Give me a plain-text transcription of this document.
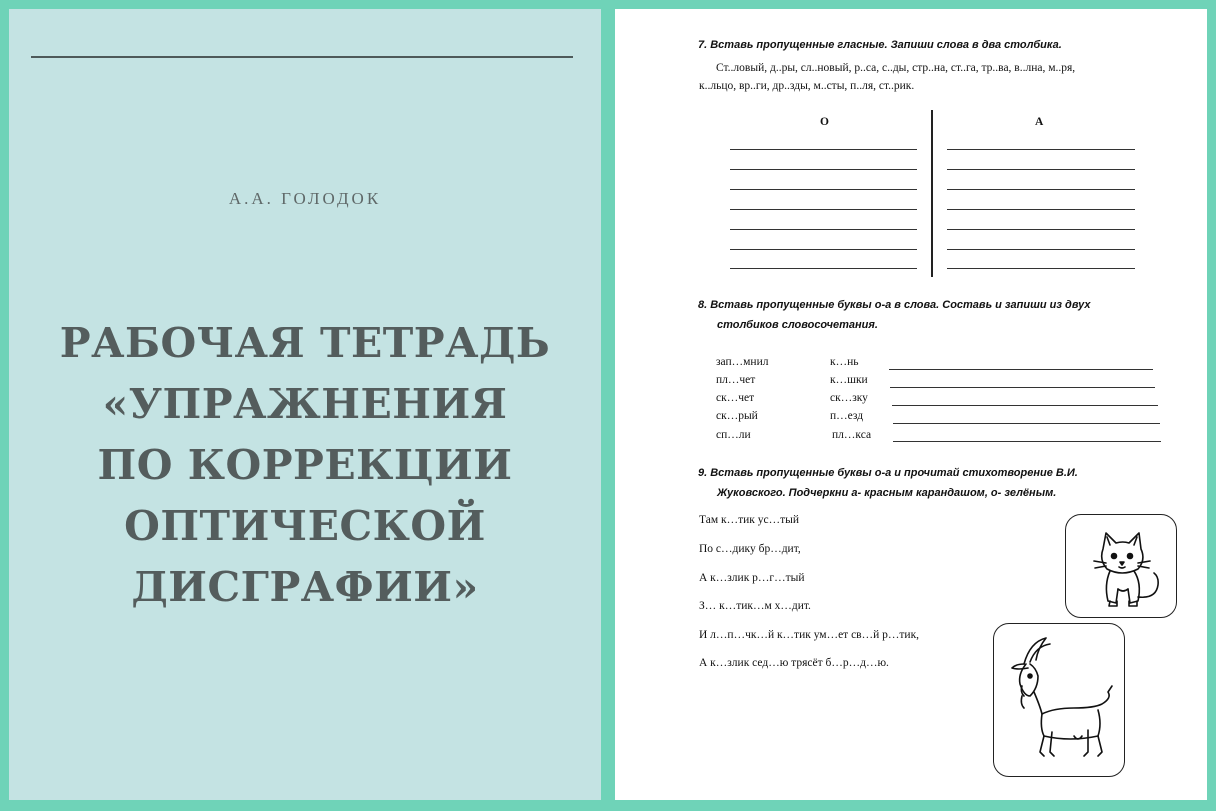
А.А. ГОЛОДОК
РАБОЧАЯ ТЕТРАДЬ
«УПРАЖНЕНИЯ
ПО КОРРЕКЦИИ
ОПТИЧЕСКОЙ
ДИСГРАФИИ»
7. Вставь пропущенные гласные. Запиши слова в два столбика.
Ст..ловый, д..ры, сл..новый, р..са, с..ды, стр..на, ст..га, тр..ва, в..лна, м..ря,
к..льцо, вр..ги, др..зды, м..сты, п..ля, ст..рик.
О	А
8. Вставь пропущенные буквы о-а в слова. Составь и запиши из двух
столбиков словосочетания.
зап…мнил	к…нь
пл…чет	к…шки
ск…чет	ск…зку
ск…рый	п…езд
сп…ли	пл…кса
9. Вставь пропущенные буквы о-а и прочитай стихотворение В.И.
Жуковского. Подчеркни а- красным карандашом, о- зелёным.
Там к…тик ус…тый
По с…дику бр…дит,
А к…злик р…г…тый
З… к…тик…м х…дит.
И л…п…чк…й к…тик ум…ет св…й р…тик,
А к…злик сед…ю трясёт б…р…д…ю.
